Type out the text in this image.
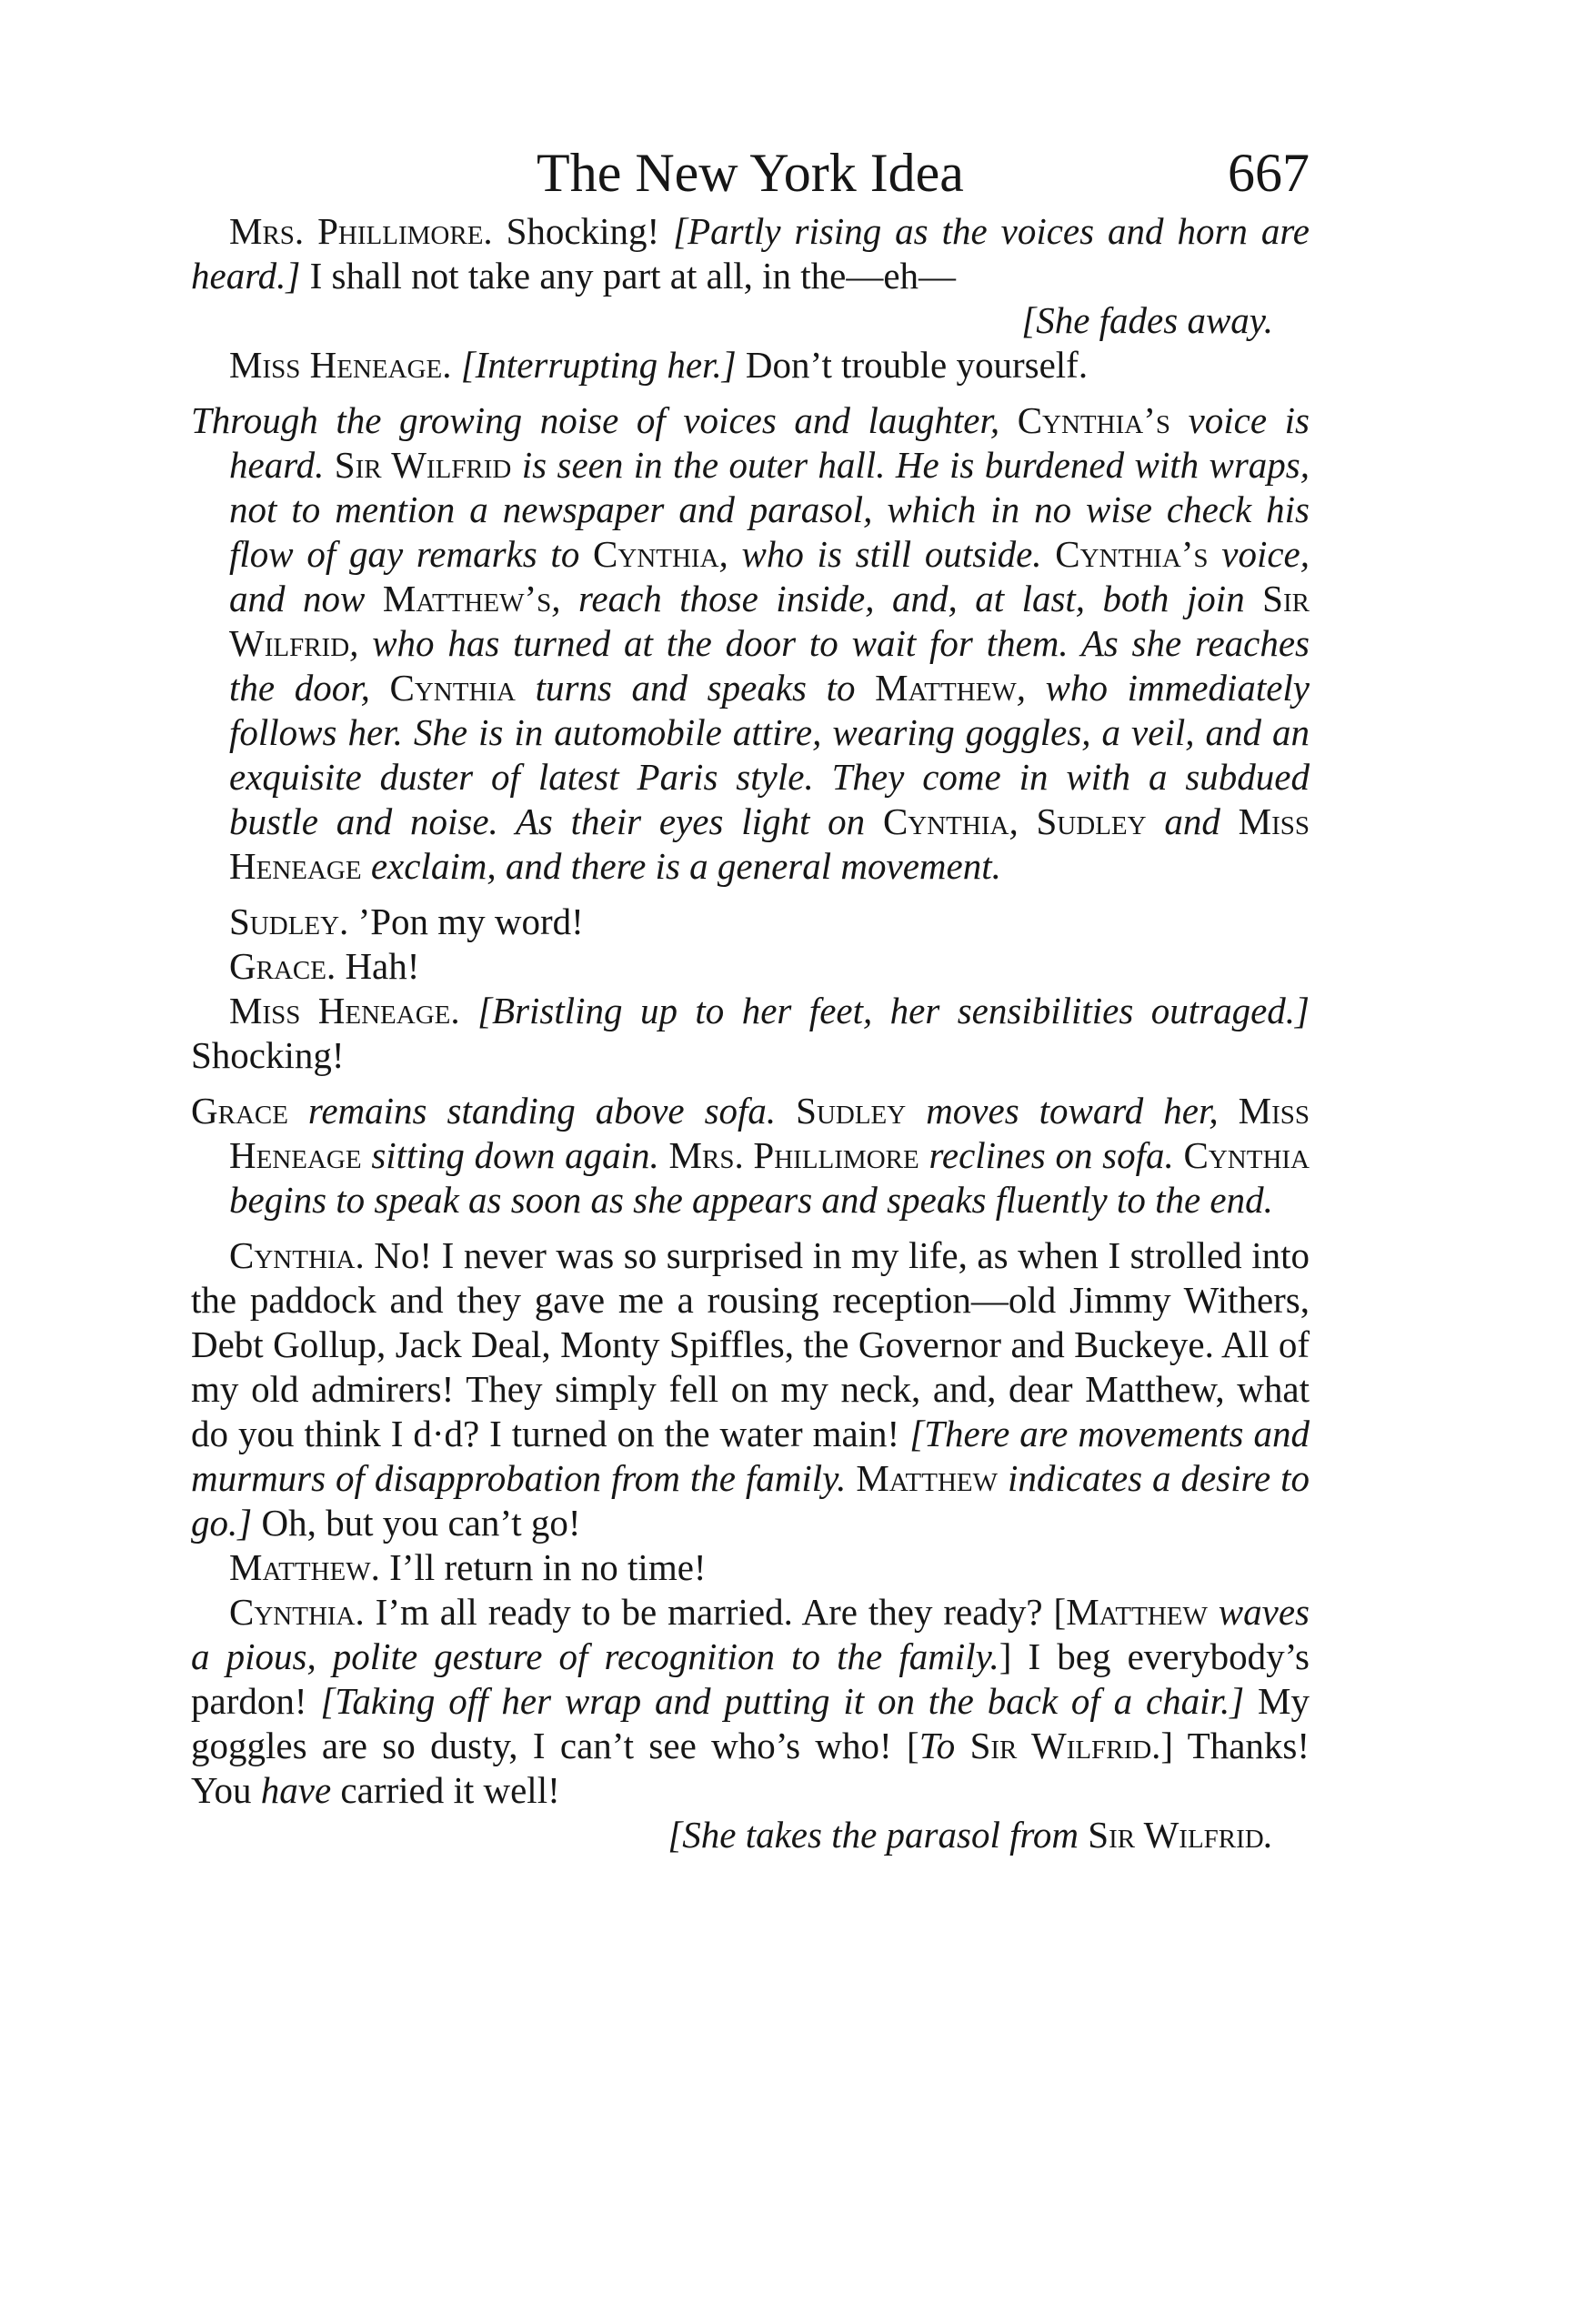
The New York Idea	667

Mrs. Phillimore. Shocking! [Partly rising as the voices and horn are heard.] I shall not take any part at all, in the—eh—

[She fades away.

Miss Heneage. [Interrupting her.] Don’t trouble yourself.

Through the growing noise of voices and laughter, Cynthia’s voice is heard. Sir Wilfrid is seen in the outer hall. He is burdened with wraps, not to mention a newspaper and parasol, which in no wise check his flow of gay remarks to Cynthia, who is still outside. Cynthia’s voice, and now Matthew’s, reach those inside, and, at last, both join Sir Wilfrid, who has turned at the door to wait for them. As she reaches the door, Cynthia turns and speaks to Matthew, who immediately follows her. She is in automobile attire, wearing goggles, a veil, and an exquisite duster of latest Paris style. They come in with a subdued bustle and noise. As their eyes light on Cynthia, Sudley and Miss Heneage exclaim, and there is a general movement.

Sudley. ’Pon my word!

Grace. Hah!

Miss Heneage. [Bristling up to her feet, her sensibilities outraged.] Shocking!

Grace remains standing above sofa. Sudley moves toward her, Miss Heneage sitting down again. Mrs. Phillimore reclines on sofa. Cynthia begins to speak as soon as she appears and speaks fluently to the end.

Cynthia. No! I never was so surprised in my life, as when I strolled into the paddock and they gave me a rousing reception—old Jimmy Withers, Debt Gollup, Jack Deal, Monty Spiffles, the Governor and Buckeye. All of my old admirers! They simply fell on my neck, and, dear Matthew, what do you think I d·d? I turned on the water main! [There are movements and murmurs of disapprobation from the family. Matthew indicates a desire to go.] Oh, but you can’t go!

Matthew. I’ll return in no time!

Cynthia. I’m all ready to be married. Are they ready? [Matthew waves a pious, polite gesture of recognition to the family.] I beg everybody’s pardon! [Taking off her wrap and putting it on the back of a chair.] My goggles are so dusty, I can’t see who’s who! [To Sir Wilfrid.] Thanks! You have carried it well!

[She takes the parasol from Sir Wilfrid.
